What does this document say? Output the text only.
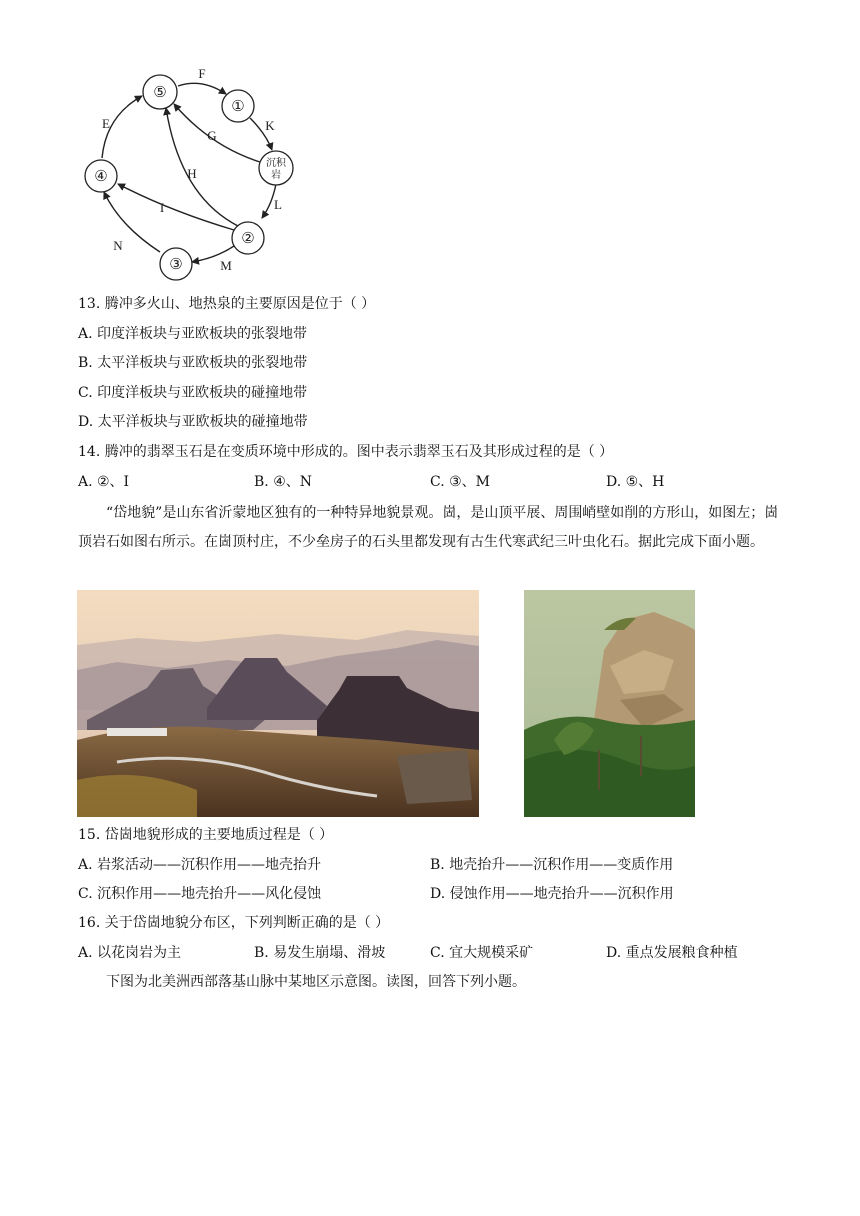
⑤
①
④
②
③
沉积
岩
F
K
G
E
H
I	L
N
M
13. 腾冲多火山、地热泉的主要原因是位于（ ）
A. 印度洋板块与亚欧板块的张裂地带
B. 太平洋板块与亚欧板块的张裂地带
C. 印度洋板块与亚欧板块的碰撞地带
D. 太平洋板块与亚欧板块的碰撞地带
14. 腾冲的翡翠玉石是在变质环境中形成的。图中表示翡翠玉石及其形成过程的是（ ）
A. ②、I	B. ④、N	C. ③、M	D. ⑤、H
“岱地貌”是山东省沂蒙地区独有的一种特异地貌景观。崮，是山顶平展、周围峭壁如削的方形山，如图左；崮顶岩石如图右所示。在崮顶村庄，不少垒房子的石头里都发现有古生代寒武纪三叶虫化石。据此完成下面小题。
15. 岱崮地貌形成的主要地质过程是（ ）
A. 岩浆活动——沉积作用——地壳抬升	B. 地壳抬升——沉积作用——变质作用
C. 沉积作用——地壳抬升——风化侵蚀	D. 侵蚀作用——地壳抬升——沉积作用
16. 关于岱崮地貌分布区，下列判断正确的是（ ）
A. 以花岗岩为主	B. 易发生崩塌、滑坡	C. 宜大规模采矿	D. 重点发展粮食种植
下图为北美洲西部落基山脉中某地区示意图。读图，回答下列小题。
